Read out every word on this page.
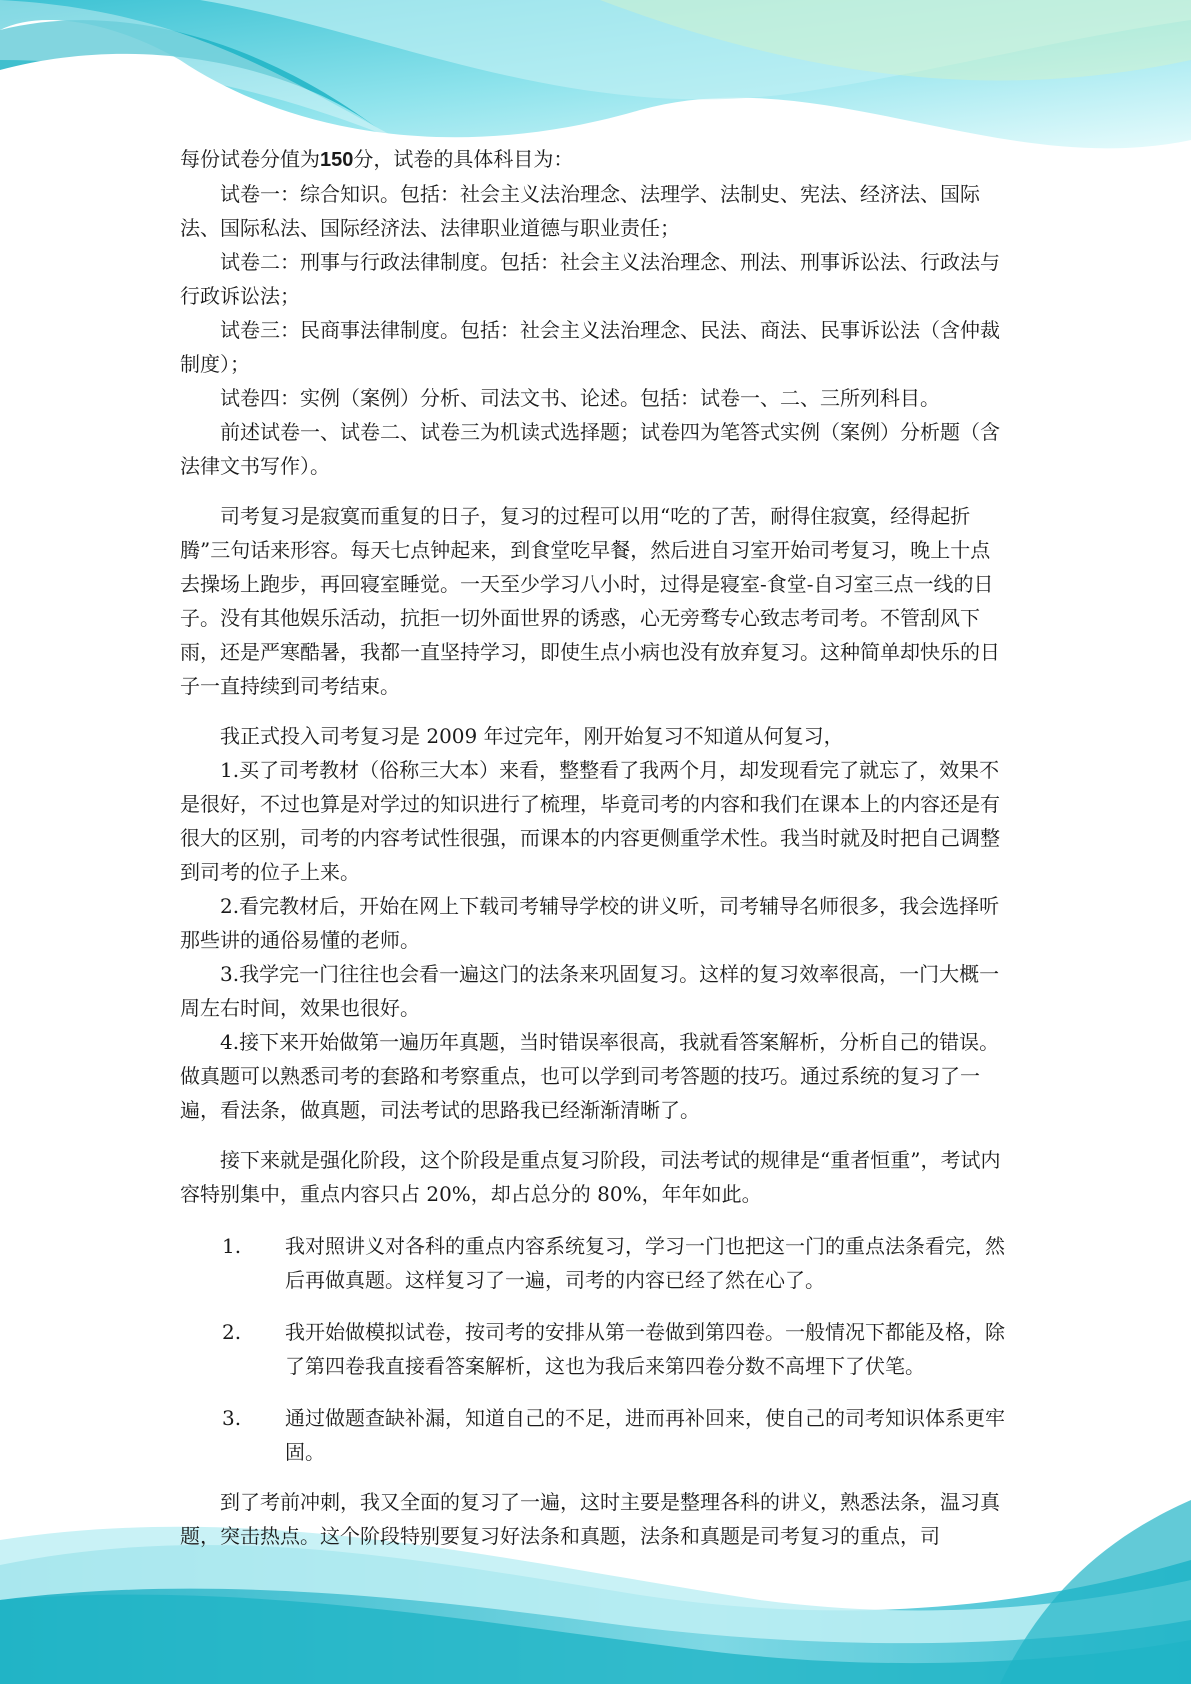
每份试卷分值为150分，试卷的具体科目为：

试卷一：综合知识。包括：社会主义法治理念、法理学、法制史、宪法、经济法、国际法、国际私法、国际经济法、法律职业道德与职业责任；

试卷二：刑事与行政法律制度。包括：社会主义法治理念、刑法、刑事诉讼法、行政法与行政诉讼法；

试卷三：民商事法律制度。包括：社会主义法治理念、民法、商法、民事诉讼法（含仲裁制度）；

试卷四：实例（案例）分析、司法文书、论述。包括：试卷一、二、三所列科目。

前述试卷一、试卷二、试卷三为机读式选择题；试卷四为笔答式实例（案例）分析题（含法律文书写作）。

司考复习是寂寞而重复的日子，复习的过程可以用“吃的了苦，耐得住寂寞，经得起折腾”三句话来形容。每天七点钟起来，到食堂吃早餐，然后进自习室开始司考复习，晚上十点去操场上跑步，再回寝室睡觉。一天至少学习八小时，过得是寝室-食堂-自习室三点一线的日子。没有其他娱乐活动，抗拒一切外面世界的诱惑，心无旁骛专心致志考司考。不管刮风下雨，还是严寒酷暑，我都一直坚持学习，即使生点小病也没有放弃复习。这种简单却快乐的日子一直持续到司考结束。

我正式投入司考复习是 2009 年过完年，刚开始复习不知道从何复习，

1.买了司考教材（俗称三大本）来看，整整看了我两个月，却发现看完了就忘了，效果不是很好，不过也算是对学过的知识进行了梳理，毕竟司考的内容和我们在课本上的内容还是有很大的区别，司考的内容考试性很强，而课本的内容更侧重学术性。我当时就及时把自己调整到司考的位子上来。

2.看完教材后，开始在网上下载司考辅导学校的讲义听，司考辅导名师很多，我会选择听那些讲的通俗易懂的老师。

3.我学完一门往往也会看一遍这门的法条来巩固复习。这样的复习效率很高，一门大概一周左右时间，效果也很好。

4.接下来开始做第一遍历年真题，当时错误率很高，我就看答案解析，分析自己的错误。做真题可以熟悉司考的套路和考察重点，也可以学到司考答题的技巧。通过系统的复习了一遍，看法条，做真题，司法考试的思路我已经渐渐清晰了。

接下来就是强化阶段，这个阶段是重点复习阶段，司法考试的规律是“重者恒重”，考试内容特别集中，重点内容只占 20%，却占总分的 80%，年年如此。

1. 我对照讲义对各科的重点内容系统复习，学习一门也把这一门的重点法条看完，然后再做真题。这样复习了一遍，司考的内容已经了然在心了。
2. 我开始做模拟试卷，按司考的安排从第一卷做到第四卷。一般情况下都能及格，除了第四卷我直接看答案解析，这也为我后来第四卷分数不高埋下了伏笔。
3. 通过做题查缺补漏，知道自己的不足，进而再补回来，使自己的司考知识体系更牢固。

到了考前冲刺，我又全面的复习了一遍，这时主要是整理各科的讲义，熟悉法条，温习真题，突击热点。这个阶段特别要复习好法条和真题，法条和真题是司考复习的重点，司
